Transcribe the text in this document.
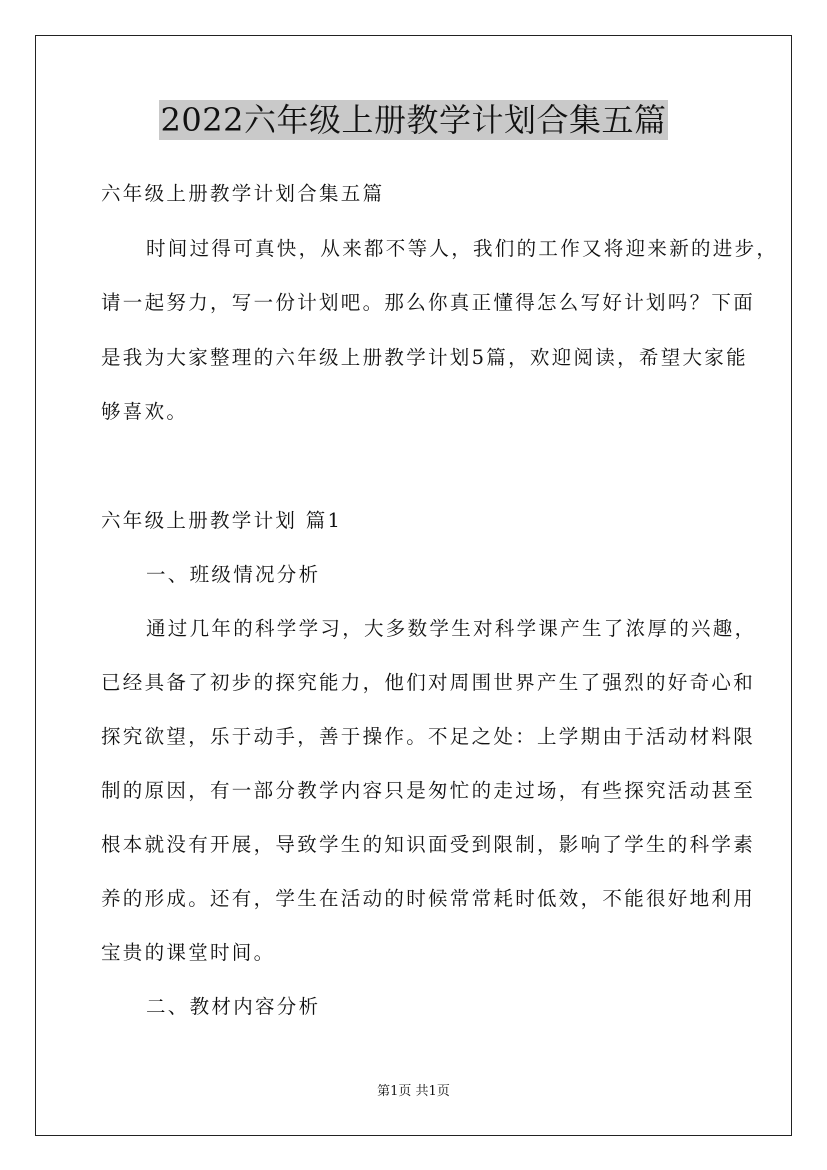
2022六年级上册教学计划合集五篇
六年级上册教学计划合集五篇
时间过得可真快，从来都不等人，我们的工作又将迎来新的进步，
请一起努力，写一份计划吧。那么你真正懂得怎么写好计划吗？下面
是我为大家整理的六年级上册教学计划5篇，欢迎阅读，希望大家能
够喜欢。
六年级上册教学计划 篇1
一、班级情况分析
通过几年的科学学习，大多数学生对科学课产生了浓厚的兴趣，
已经具备了初步的探究能力，他们对周围世界产生了强烈的好奇心和
探究欲望，乐于动手，善于操作。不足之处：上学期由于活动材料限
制的原因，有一部分教学内容只是匆忙的走过场，有些探究活动甚至
根本就没有开展，导致学生的知识面受到限制，影响了学生的科学素
养的形成。还有，学生在活动的时候常常耗时低效，不能很好地利用
宝贵的课堂时间。
二、教材内容分析
第1页 共1页
